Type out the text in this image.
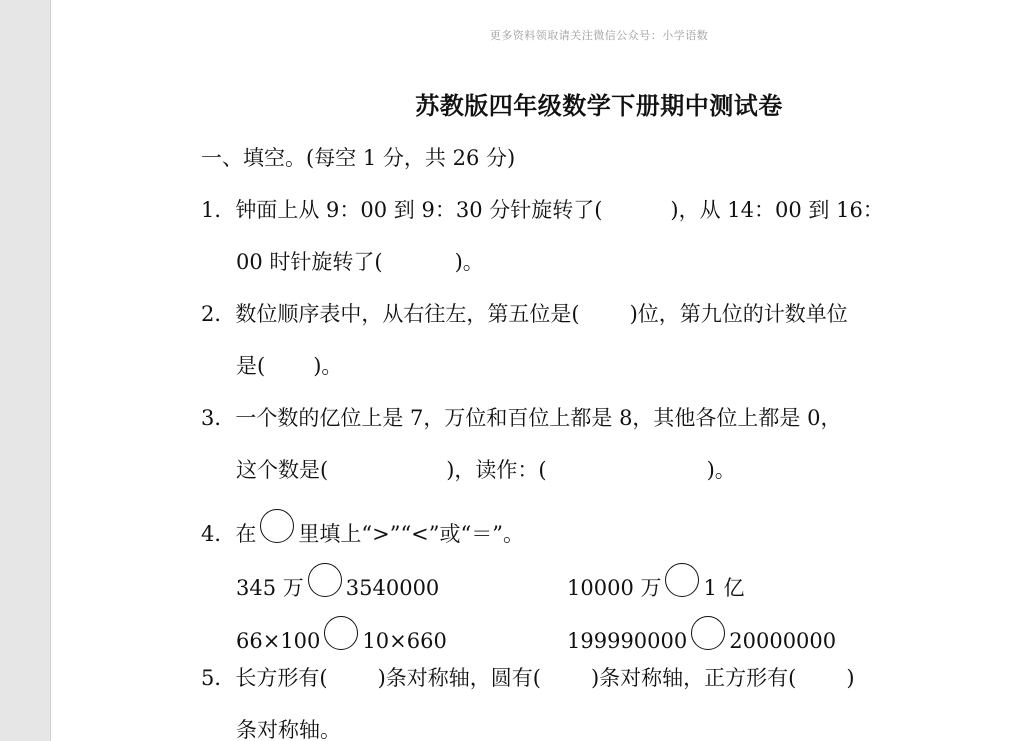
更多资料领取请关注微信公众号：小学语数
苏教版四年级数学下册期中测试卷
一、填空。(每空 1 分，共 26 分)
1．钟面上从 9：00 到 9：30 分针旋转了(	)，从 14：00 到 16：
00 时针旋转了(	)。
2．数位顺序表中，从右往左，第五位是( )位，第九位的计数单位
是( )。
3．一个数的亿位上是 7，万位和百位上都是 8，其他各位上都是 0，
这个数是(	)，读作：(	)。
4．在 里填上“>”“<”或“＝”。
345 万 3540000	10000 万 1 亿
66×100 10×660	199990000 20000000
5．长方形有( )条对称轴，圆有( )条对称轴，正方形有( )
条对称轴。
